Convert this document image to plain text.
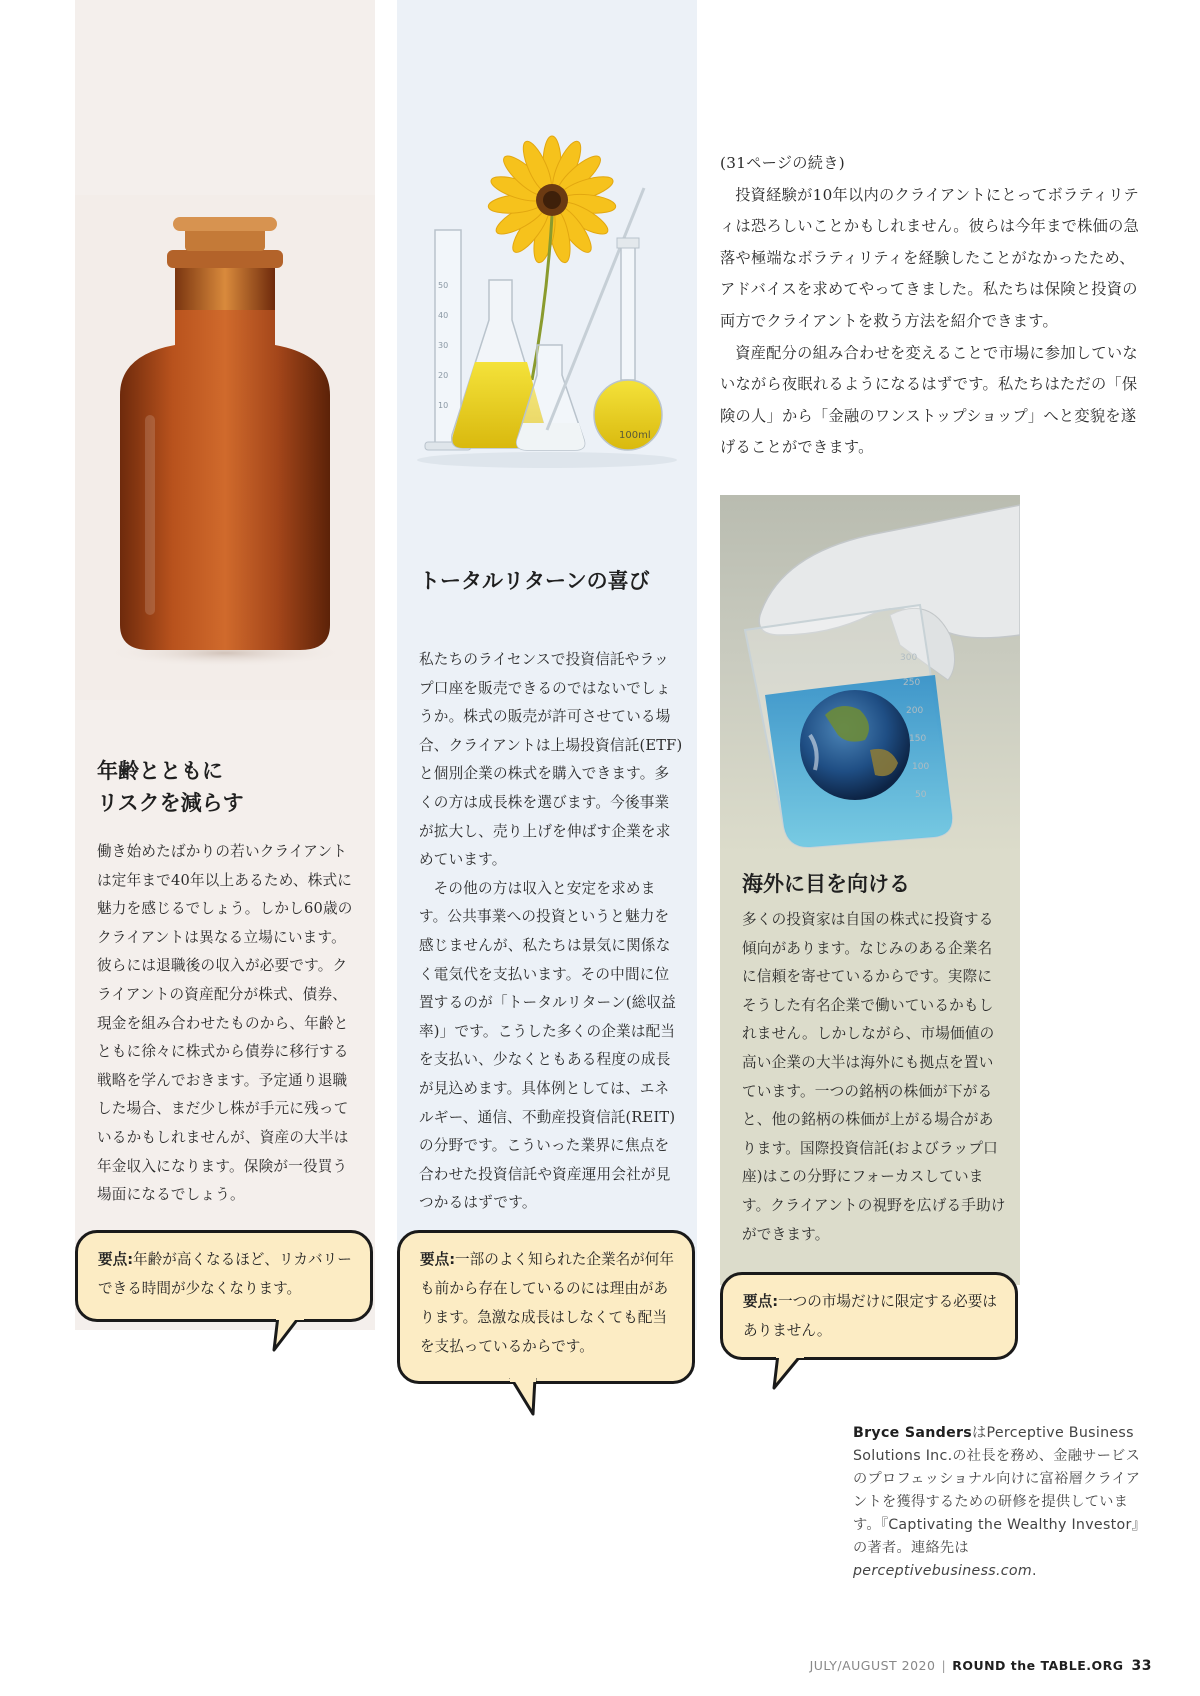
年齢とともに
リスクを減らす

働き始めたばかりの若いクライアントは定年まで40年以上あるため、株式に魅力を感じるでしょう。しかし60歳のクライアントは異なる立場にいます。彼らには退職後の収入が必要です。クライアントの資産配分が株式、債券、現金を組み合わせたものから、年齢とともに徐々に株式から債券に移行する戦略を学んでおきます。予定通り退職した場合、まだ少し株が手元に残っているかもしれませんが、資産の大半は年金収入になります。保険が一役買う場面になるでしょう。

要点:年齢が高くなるほど、リカバリーできる時間が少なくなります。
50
40
30
20
10
100ml
トータルリターンの喜び

私たちのライセンスで投資信託やラップ口座を販売できるのではないでしょうか。株式の販売が許可させている場合、クライアントは上場投資信託(ETF)と個別企業の株式を購入できます。多くの方は成長株を選びます。今後事業が拡大し、売り上げを伸ばす企業を求めています。

その他の方は収入と安定を求めます。公共事業への投資というと魅力を感じませんが、私たちは景気に関係なく電気代を支払います。その中間に位置するのが「トータルリターン(総収益率)」です。こうした多くの企業は配当を支払い、少なくともある程度の成長が見込めます。具体例としては、エネルギー、通信、不動産投資信託(REIT)の分野です。こういった業界に焦点を合わせた投資信託や資産運用会社が見つかるはずです。

要点:一部のよく知られた企業名が何年も前から存在しているのには理由があります。急激な成長はしなくても配当を支払っているからです。

(31ページの続き)

投資経験が10年以内のクライアントにとってボラティリティは恐ろしいことかもしれません。彼らは今年まで株価の急落や極端なボラティリティを経験したことがなかったため、アドバイスを求めてやってきました。私たちは保険と投資の両方でクライアントを救う方法を紹介できます。

資産配分の組み合わせを変えることで市場に参加していないながら夜眠れるようになるはずです。私たちはただの「保険の人」から「金融のワンストップショップ」へと変貌を遂げることができます。

300
250
200
150
100
50
海外に目を向ける

多くの投資家は自国の株式に投資する傾向があります。なじみのある企業名に信頼を寄せているからです。実際にそうした有名企業で働いているかもしれません。しかしながら、市場価値の高い企業の大半は海外にも拠点を置いています。一つの銘柄の株価が下がると、他の銘柄の株価が上がる場合があります。国際投資信託(およびラップ口座)はこの分野にフォーカスしています。クライアントの視野を広げる手助けができます。

要点:一つの市場だけに限定する必要はありません。
Bryce SandersはPerceptive Business Solutions Inc.の社長を務め、金融サービスのプロフェッショナル向けに富裕層クライアントを獲得するための研修を提供しています。『Captivating the Wealthy Investor』の著者。連絡先はperceptivebusiness.com.
JULY/AUGUST 2020 | ROUND the TABLE.ORG 33
